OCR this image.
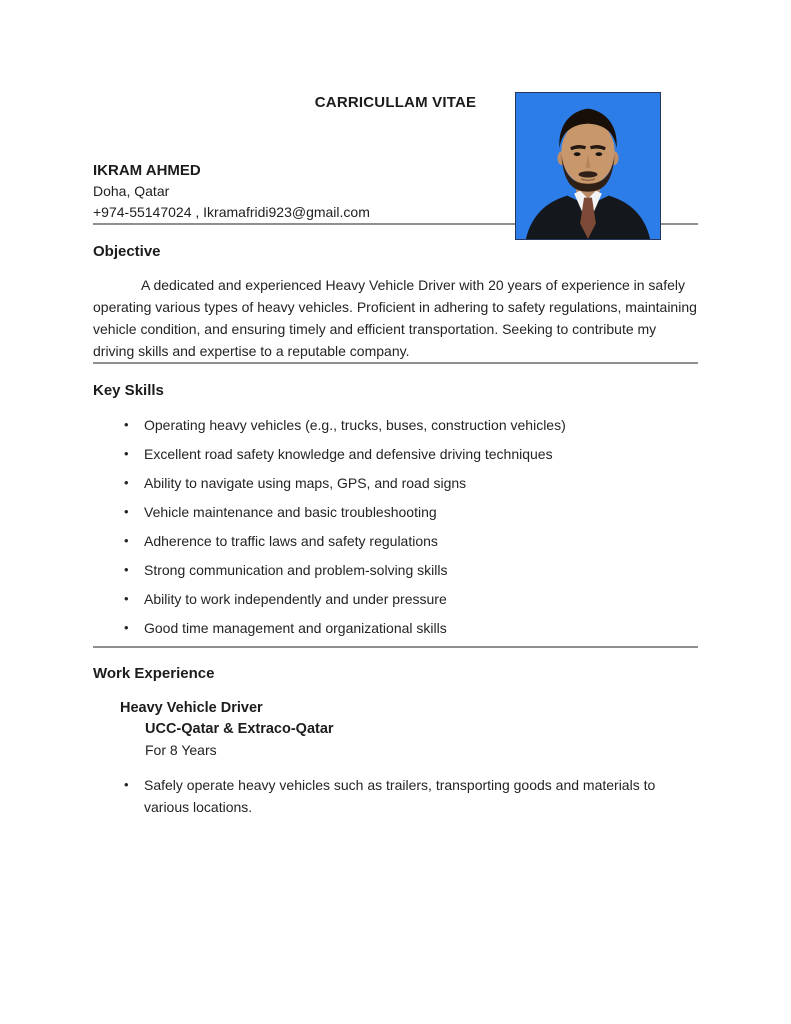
CARRICULLAM VITAE
IKRAM AHMED
Doha, Qatar
+974-55147024 , Ikramafridi923@gmail.com
Objective

A dedicated and experienced Heavy Vehicle Driver with 20 years of experience in safely operating various types of heavy vehicles. Proficient in adhering to safety regulations, maintaining vehicle condition, and ensuring timely and efficient transportation. Seeking to contribute my driving skills and expertise to a reputable company.

Key Skills
• Operating heavy vehicles (e.g., trucks, buses, construction vehicles)
• Excellent road safety knowledge and defensive driving techniques
• Ability to navigate using maps, GPS, and road signs
• Vehicle maintenance and basic troubleshooting
• Adherence to traffic laws and safety regulations
• Strong communication and problem-solving skills
• Ability to work independently and under pressure
• Good time management and organizational skills
Work Experience
Heavy Vehicle Driver
UCC-Qatar & Extraco-Qatar
For 8 Years
• Safely operate heavy vehicles such as trailers, transporting goods and materials to various locations.
